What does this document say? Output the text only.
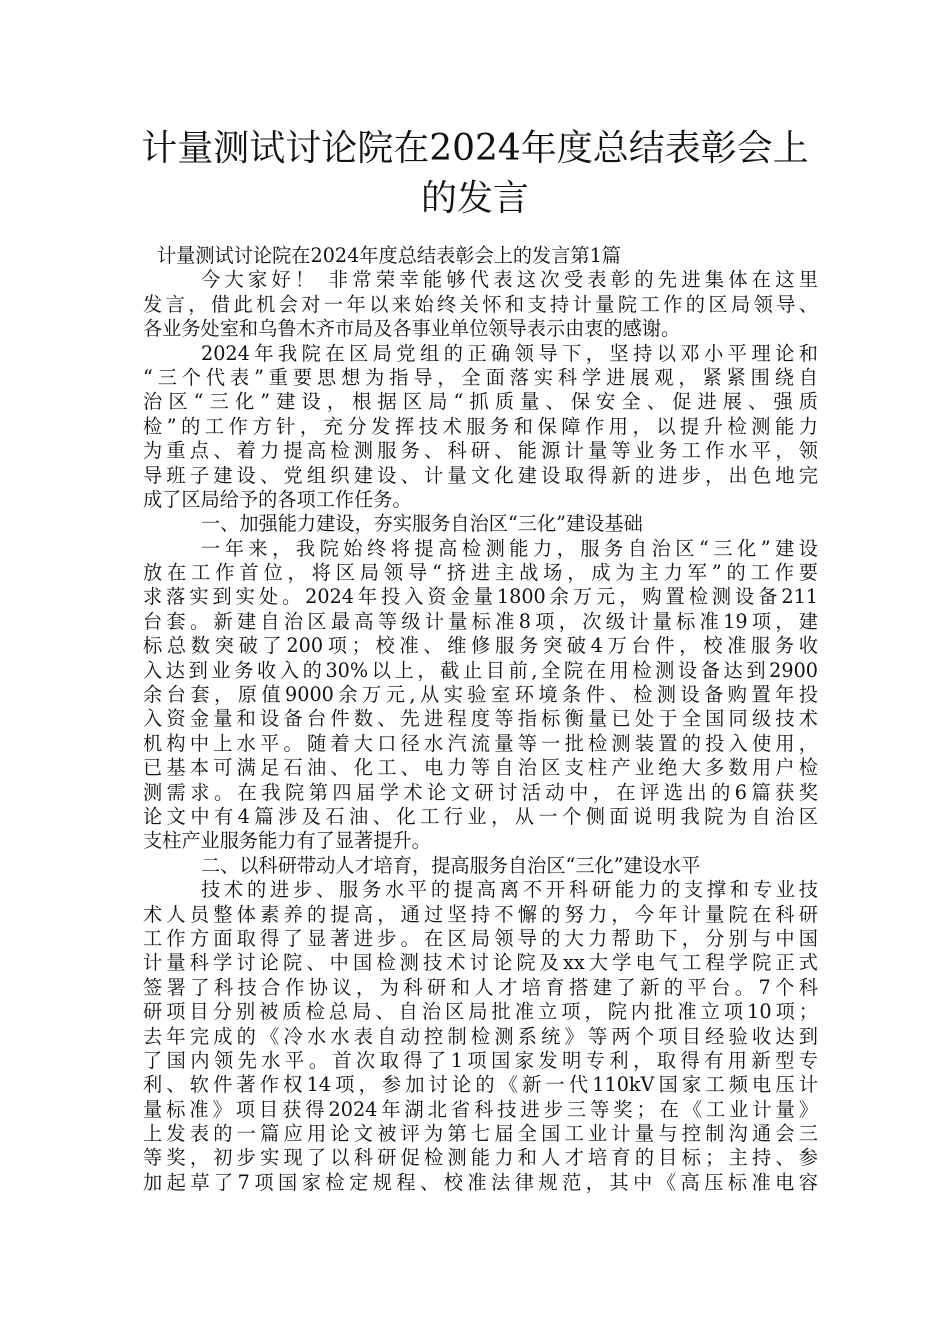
计量测试讨论院在2024年度总结表彰会上
的发言
计量测试讨论院在2024年度总结表彰会上的发言第1篇
今大家好！ 非常荣幸能够代表这次受表彰的先进集体在这里
发言，借此机会对一年以来始终关怀和支持计量院工作的区局领导、
各业务处室和乌鲁木齐市局及各事业单位领导表示由衷的感谢。
2024年我院在区局党组的正确领导下，坚持以邓小平理论和
“三个代表”重要思想为指导，全面落实科学进展观，紧紧围绕自
治区“三化”建设，根据区局“抓质量、保安全、促进展、强质
检”的工作方针，充分发挥技术服务和保障作用，以提升检测能力
为重点、着力提高检测服务、科研、能源计量等业务工作水平，领
导班子建设、党组织建设、计量文化建设取得新的进步，出色地完
成了区局给予的各项工作任务。
一、加强能力建设，夯实服务自治区“三化”建设基础
一年来，我院始终将提高检测能力，服务自治区“三化”建设
放在工作首位，将区局领导“挤进主战场，成为主力军”的工作要
求落实到实处。2024年投入资金量1800余万元，购置检测设备211
台套。新建自治区最高等级计量标准8项，次级计量标准19项，建
标总数突破了200项；校准、维修服务突破4万台件，校准服务收
入达到业务收入的30%以上，截止目前,全院在用检测设备达到2900
余台套，原值9000余万元,从实验室环境条件、检测设备购置年投
入资金量和设备台件数、先进程度等指标衡量已处于全国同级技术
机构中上水平。随着大口径水汽流量等一批检测装置的投入使用，
已基本可满足石油、化工、电力等自治区支柱产业绝大多数用户检
测需求。在我院第四届学术论文研讨活动中，在评选出的6篇获奖
论文中有4篇涉及石油、化工行业，从一个侧面说明我院为自治区
支柱产业服务能力有了显著提升。
二、以科研带动人才培育，提高服务自治区“三化”建设水平
技术的进步、服务水平的提高离不开科研能力的支撑和专业技
术人员整体素养的提高，通过坚持不懈的努力，今年计量院在科研
工作方面取得了显著进步。在区局领导的大力帮助下，分别与中国
计量科学讨论院、中国检测技术讨论院及xx大学电气工程学院正式
签署了科技合作协议，为科研和人才培育搭建了新的平台。7个科
研项目分别被质检总局、自治区局批准立项，院内批准立项10项；
去年完成的《冷水水表自动控制检测系统》等两个项目经验收达到
了国内领先水平。首次取得了1项国家发明专利，取得有用新型专
利、软件著作权14项，参加讨论的《新一代110kV国家工频电压计
量标准》项目获得2024年湖北省科技进步三等奖；在《工业计量》
上发表的一篇应用论文被评为第七届全国工业计量与控制沟通会三
等奖，初步实现了以科研促检测能力和人才培育的目标；主持、参
加起草了7项国家检定规程、校准法律规范，其中《高压标准电容
